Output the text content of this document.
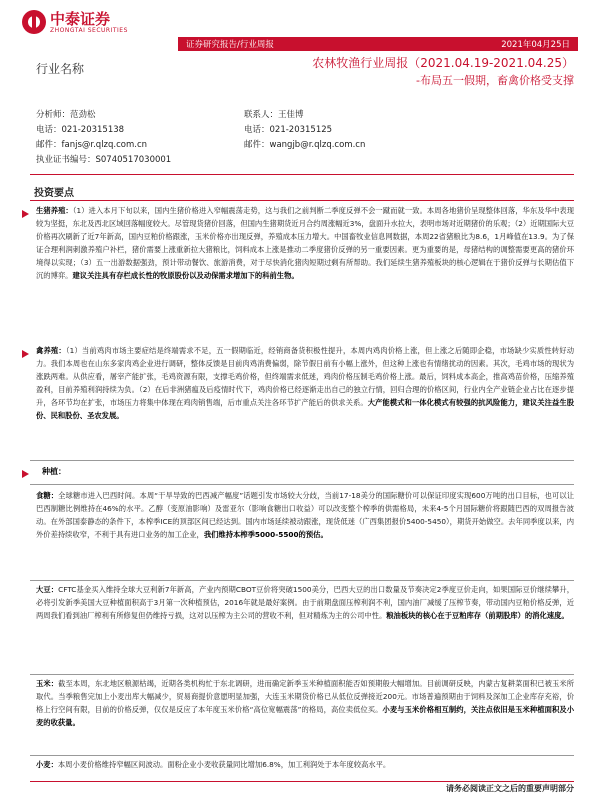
中泰证券
ZHONGTAI SECURITIES
证券研究报告/行业周报	2021年04月25日
行业名称	农林牧渔行业周报（2021.04.19-2021.04.25）
-布局五一假期，畜禽价格受支撑
分析师：范劲松
电话：021-20315138
邮件：fanjs@r.qlzq.com.cn
执业证书编号：S0740517030001
联系人：王佳博
电话：021-20315125
邮件：wangjb@r.qlzq.com.cn
投资要点

生猪养殖：（1）进入本月下旬以来，国内生猪价格进入窄幅震荡走势，这与我们之前判断二季度反弹不会一蹴而就一致。本周各地猪价呈现整体回落，华东及华中表现较为坚挺，东北及西北区域回落幅度较大。尽管现货猪价回落，但国内生猪期货近月合约周涨幅近3%，盘面升水拉大，表明市场对近期猪价的乐观；（2）近期国际大豆价格再次刷新了近7年新高，国内豆粕价格跟涨，玉米价格亦出现反弹，养殖成本压力增大。中国畜牧业信息网数据，本周22省猪粮比为8.6，1月峰值在13.9。为了保证合理利润刺激养殖户补栏，猪价需要上涨重新拉大猪粮比，饲料成本上涨是推动二季度猪价反弹的另一重要因素。更为重要的是，母猪结构的调整需要更高的猪价环境得以实现；（3）五一出游数据强劲，预计带动餐饮、旅游消费，对于尽快消化猪肉短期过剩有所帮助。我们延续生猪养殖板块的核心逻辑在于猪价反弹与长期估值下沉的博弈。建议关注具有存栏成长性的牧原股份以及动保需求增加下的科前生物。

禽养殖：（1）当前鸡肉市场主要症结是终端需求不足，五一假期临近，经销商备货积极性提升，本周内鸡肉价格上涨，但上涨之后随即企稳，市场缺少实质性转好动力。我们本周也在山东多家肉鸡企业进行调研，整体反馈是目前肉鸡消费偏弱，除节假日前有小幅上涨外，但这种上涨也有情绪扰动的因素。其次，毛鸡市场的现状为涨跌两难。从供应看，屠宰产能扩张，毛鸡资源有限，支撑毛鸡价格，但终端需求低迷，鸡肉价格压制毛鸡价格上涨。最后，饲料成本高企，推高鸡苗价格，压缩养殖盈利，目前养殖利润持续为负。（2）在后非洲猪瘟及后疫情时代下，鸡肉价格已经逐渐走出自己的独立行情，回归合理的价格区间，行业内全产业链企业占比在逐步提升，各环节均在扩张，市场压力将集中体现在鸡肉销售端，后市重点关注各环节扩产能后的供求关系。大产能模式和一体化模式有较强的抗风险能力，建议关注益生股份、民和股份、圣农发展。

种植：

食糖：全球糖市进入巴西时间。本周“干旱导致的巴西减产幅度”话题引发市场较大分歧，当前17-18美分的国际糖价可以保证印度实现600万吨的出口目标，也可以让巴西制糖比例维持在46%的水平。乙醇（变原油影响）及雷亚尔（影响食糖出口收益）可以改变整个榨季的供需格局，未来4-5个月国际糖价将跟随巴西的双周报告波动。在外部国泰静态的条件下，本榨季ICE的顶部区间已经达到。国内市场延续被动跟涨，现货低迷（广西集团报价5400-5450），期货开始做空。去年同季度以来，内外价差持续收窄，不利于具有进口业务的加工企业，我们维持本榨季5000-5500的预估。

大豆：CFTC基金买入维持全球大豆利新7年新高，产业内预期CBOT豆价将突破1500美分，巴西大豆的出口数量及节奏决定2季度豆价走向，如果国际豆价继续攀升，必将引发新季美国大豆种植面积高于3月第一次种植预估，2016年就是最好案例。由于前期盘面压榨利润不利，国内油厂减缓了压榨节奏，带动国内豆粕价格反弹，近两周我们看到油厂榨利有所修复但仍维持亏损，这对以压榨为主公司的营收不利，但对精炼为主的公司中性。粮油板块的核心在于豆粕库存（前期股库）的消化速度。

玉米：截至本周，东北地区粮源枯竭，近期各类机构忙于东北调研，进而确定新季玉米种植面积能否如预期般大幅增加。目前调研反映，内蒙古复耕菜面积已被玉米所取代。当季粮售完加上小麦出库大幅减少，贸易商提价意愿明显加强，大连玉米期货价格已从低位反弹接近200元。市场普遍预期由于饲料及深加工企业库存充裕，价格上行空间有限，目前的价格反弹，仅仅是反应了本年度玉米价格“高位宽幅震荡”的格局，高位卖低位买。小麦与玉米价格相互制约，关注点依旧是玉米种植面积及小麦的收获量。

小麦：本周小麦价格维持窄幅区间波动。面粉企业小麦收获量同比增加6.8%，加工利润处于本年度较高水平。

请务必阅读正文之后的重要声明部分
